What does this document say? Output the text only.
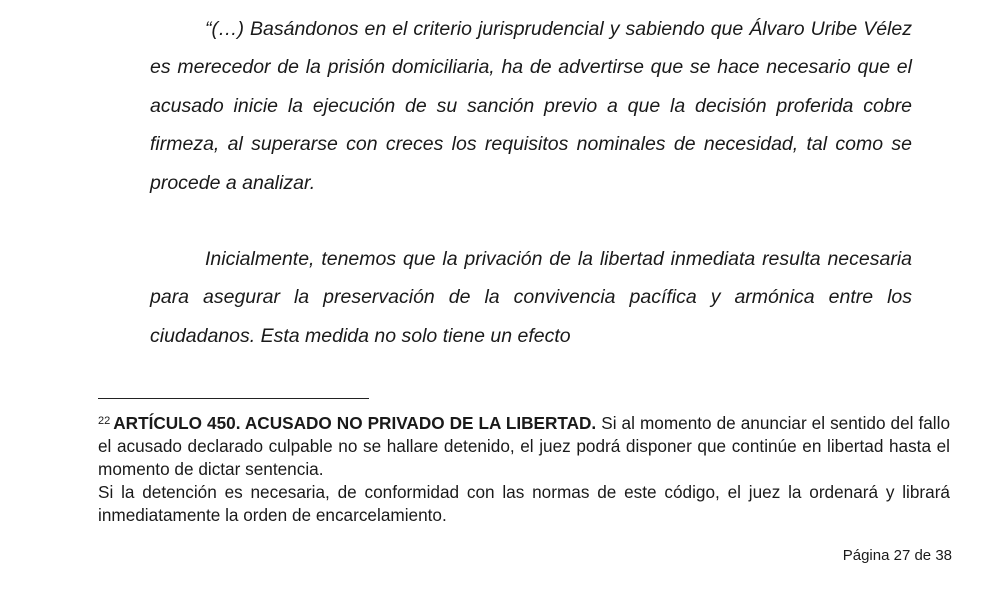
“(…) Basándonos en el criterio jurisprudencial y sabiendo que Álvaro Uribe Vélez es merecedor de la prisión domiciliaria, ha de advertirse que se hace necesario que el acusado inicie la ejecución de su sanción previo a que la decisión proferida cobre firmeza, al superarse con creces los requisitos nominales de necesidad, tal como se procede a analizar.

Inicialmente, tenemos que la privación de la libertad inmediata resulta necesaria para asegurar la preservación de la convivencia pacífica y armónica entre los ciudadanos. Esta medida no solo tiene un efecto

$^{22}$ ARTÍCULO 450. ACUSADO NO PRIVADO DE LA LIBERTAD. Si al momento de anunciar el sentido del fallo el acusado declarado culpable no se hallare detenido, el juez podrá disponer que continúe en libertad hasta el momento de dictar sentencia.

Si la detención es necesaria, de conformidad con las normas de este código, el juez la ordenará y librará inmediatamente la orden de encarcelamiento.

Página 27 de 38
